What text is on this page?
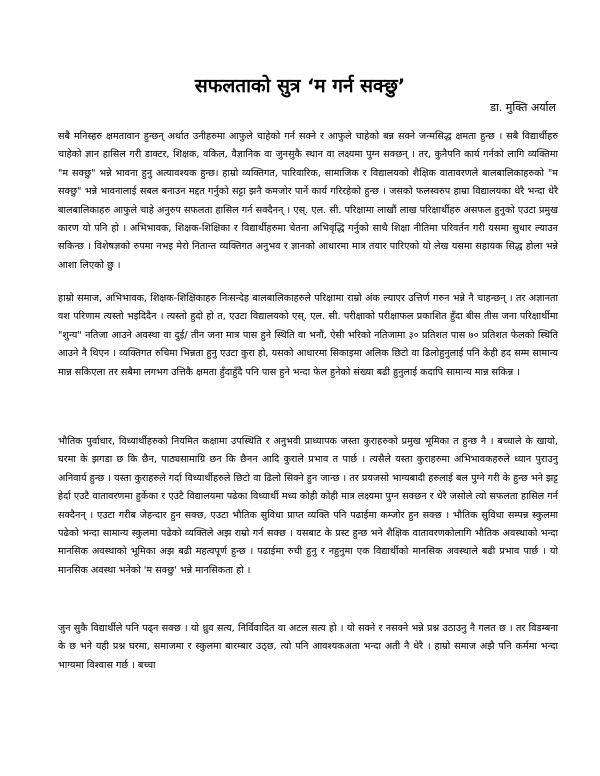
सफलताको सुत्र ‘म गर्न सक्छु’

डा. मुक्ति अर्याल

सबै मनिस्हरु क्षमतावान हुन्छन् अर्थात उनीहरुमा आफुले चाहेको गर्न सक्ने र आफुले चाहेको बन्न सक्ने जन्मसिद्ध क्षमता हुन्छ । सबै विद्यार्थीहरु चाहेको ज्ञान हासिल गरी डाक्टर, शिक्षक, वकिल, वैज्ञानिक वा जुनसुकै स्थान वा लक्ष्यमा पुग्न सक्छन् । तर, कुनैपनि कार्य गर्नको लागि व्यक्तिमा "म सक्छु" भन्ने भावना हुनु अत्यावश्यक हुन्छ। हाम्रो व्यक्तिगत, पारिवारिक, सामाजिक र विद्यालयको शैक्षिक वातावरणले बालबालिकाहरुको "म सक्छु" भन्ने भावनालाई सबल बनाउन मद्दत गर्नुको सट्टा झनै कमजोर पार्ने कार्य गरिरहेको हुन्छ । जसको फलस्वरुप हाम्रा विद्यालयका धेरै भन्दा धेरै बालबालिकाहरु आफुले चाहे अनुरुप सफलता हासिल गर्न सक्दैनन् । एस्. एल. सी. परिक्षामा लाखौं लाख परिक्षार्थीहरु असफल हुनुको एउटा प्रमुख कारण यो पनि हो । अभिभावक, शिक्षक-शिक्षिका र विद्यार्थीहरुमा चेतना अभिवृद्धि गर्नुको साथै शिक्षा नीतिमा परिवर्तन गरी यसमा सुधार ल्याउन सकिन्छ । विशेषज्ञको रुपमा नभइ मेरो नितान्त व्यक्तिगत अनुभव र ज्ञानको आधारमा मात्र तयार पारिएको यो लेख यसमा सहायक सिद्ध होला भन्ने आशा लिएको छु ।

हाम्रो समाज, अभिभावक, शिक्षक-शिक्षिकाहरु निःसन्देह बालबालिकाहरुले परिक्षामा राम्रो अंक ल्याएर उत्तिर्ण गरुन भन्ने नै चाहन्छन् । तर अज्ञानता वश परिणाम त्यस्तो भइदिदैन । त्यस्तो हुदो हो त, एउटा विद्यालयको एस्. एल. सी. परीक्षाको परीक्षाफल प्रकाशित हुँदा बीस तीस जना परिक्षार्थीमा "शुन्य" नतिजा आउने अवस्था वा दुई/ तीन जना मात्र पास हुने स्थिति वा भनौं, ऐसी भरिको नतिजामा ३० प्रतिशत पास ७० प्रतिशत फेलको स्थिति आउने नै थिएन । व्यक्तिगत रुचिमा भिन्नता हुनु एउटा कुरा हो, यसको आधारमा सिकाइमा अलिक छिटो वा ढिलोहुनुलाई पनि केही हद सम्म सामान्य मान्न सकिएला तर सबैमा लगभग उत्तिकै क्षमता हुँदाहुँदै पनि पास हुने भन्दा फेल हुनेको संख्या बढी हुनुलाई कदापि सामान्य मान्न सकिन्न ।

भौतिक पुर्वाधार, विध्यार्थीहरुको नियमित कक्षामा उपस्थिति र अनुभवी प्राध्यापक जस्ता कुराहरुको प्रमुख भूमिका त हुन्छ नै । बच्चाले के खायो, घरमा के झगडा छ कि छैन, पाठ्यसामाग्रि छन कि छैनन आदि कुराले प्रभाव त पार्छ । त्यसैले यस्ता कुराहरुमा अभिभावकहरुले ध्यान पुराउनु अनिवार्य हुन्छ । यस्ता कुराहरुले गर्दा विध्यार्थीहरुले छिटो वा ढिलो सिक्ने हुन जान्छ । तर प्रयजसो भाग्यबादी हरुलाई बल पुग्ने गरी के हुन्छ भने झट्ट हेर्दा एउटै वातावरणमा हुर्केका र एउटै विद्यालयमा पढेका विध्यार्थी मध्य कोही कोही मात्र लक्ष्यमा पुग्न सक्छन र धेरै जसोले त्यो सफलता हासिल गर्न सक्दैनन् । एउटा गरीब जेहन्दार हुन सक्छ, एउटा भौतिक सुविधा प्राप्त व्यक्ति पनि पढाईमा कम्जोर हुन सक्छ । भौतिक सुविधा सम्पन्न स्कुलमा पढेको भन्दा सामान्य स्कुलमा पढेको व्यक्तिले अझ राम्रो गर्न सक्छ । यसबाट के प्रस्ट हुन्छ भने शैक्षिक वातावरणकोलागि भौतिक अवस्थाको भन्दा मानसिक अवस्थाको भूमिका अझ बढी महत्वपूर्ण हुन्छ । पढाईमा रुची हुनु र नहुनुमा एक विद्यार्थीको मानसिक अवस्थाले बढी प्रभाव पार्छ । यो मानसिक अवस्था भनेको 'म सक्छु' भन्ने मानसिकता हो ।

जुन सुकै विद्यार्थीले पनि पढ्न सक्छ । यो ध्रुव सत्य, निर्विवादित वा अटल सत्य हो । यो सक्ने र नसक्ने भन्ने प्रश्न उठाउनु नै गलत छ । तर विडम्बना के छ भने यही प्रश्न घरमा, समाजमा र स्कुलमा बारम्बार उठ्छ, त्यो पनि आवश्यकअता भन्दा अती नै धेरै । हाम्रो समाज अझै पनि कर्ममा भन्दा भाग्यमा विश्वास गर्छ । बच्चा
